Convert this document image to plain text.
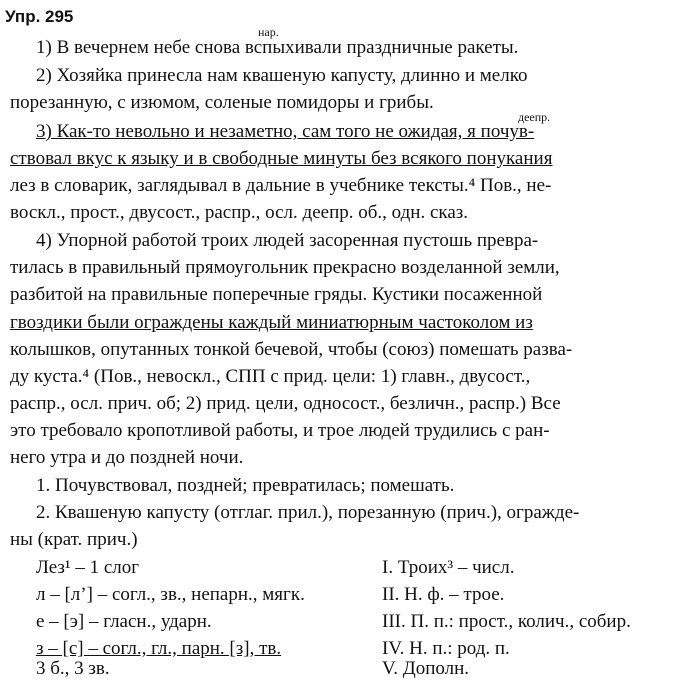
Упр. 295
нар.
деепр.
1) В вечернем небе снова вспыхивали праздничные ракеты.
2) Хозяйка принесла нам квашеную капусту, длинно и мелко
порезанную, с изюмом, соленые помидоры и грибы.
3) Как-то невольно и незаметно, сам того не ожидая, я почув-
ствовал вкус к языку и в свободные минуты без всякого понукания
лез в словарик, заглядывал в дальние в учебнике тексты.⁴ Пов., не-
воскл., прост., двусост., распр., осл. деепр. об., одн. сказ.
4) Упорной работой троих людей засоренная пустошь превра-
тилась в правильный прямоугольник прекрасно возделанной земли,
разбитой на правильные поперечные гряды. Кустики посаженной
гвоздики были ограждены каждый миниатюрным частоколом из
колышков, опутанных тонкой бечевой, чтобы (союз) помешать разва-
ду куста.⁴ (Пов., невоскл., СПП с прид. цели: 1) главн., двусост.,
распр., осл. прич. об; 2) прид. цели, односост., безличн., распр.) Все
это требовало кропотливой работы, и трое людей трудились с ран-
него утра и до поздней ночи.
1. Почувствовал, поздней; превратилась; помешать.
2. Квашеную капусту (отглаг. прил.), порезанную (прич.), огражде-
ны (крат. прич.)
Лез¹ – 1 слог
л – [л’] – согл., зв., непарн., мягк.
е – [э] – гласн., ударн.
з – [с] – согл., гл., парн. [з], тв.
3 б., 3 зв.
I. Троих³ – числ.
II. Н. ф. – трое.
III. П. п.: прост., колич., собир.
IV. Н. п.: род. п.
V. Дополн.
